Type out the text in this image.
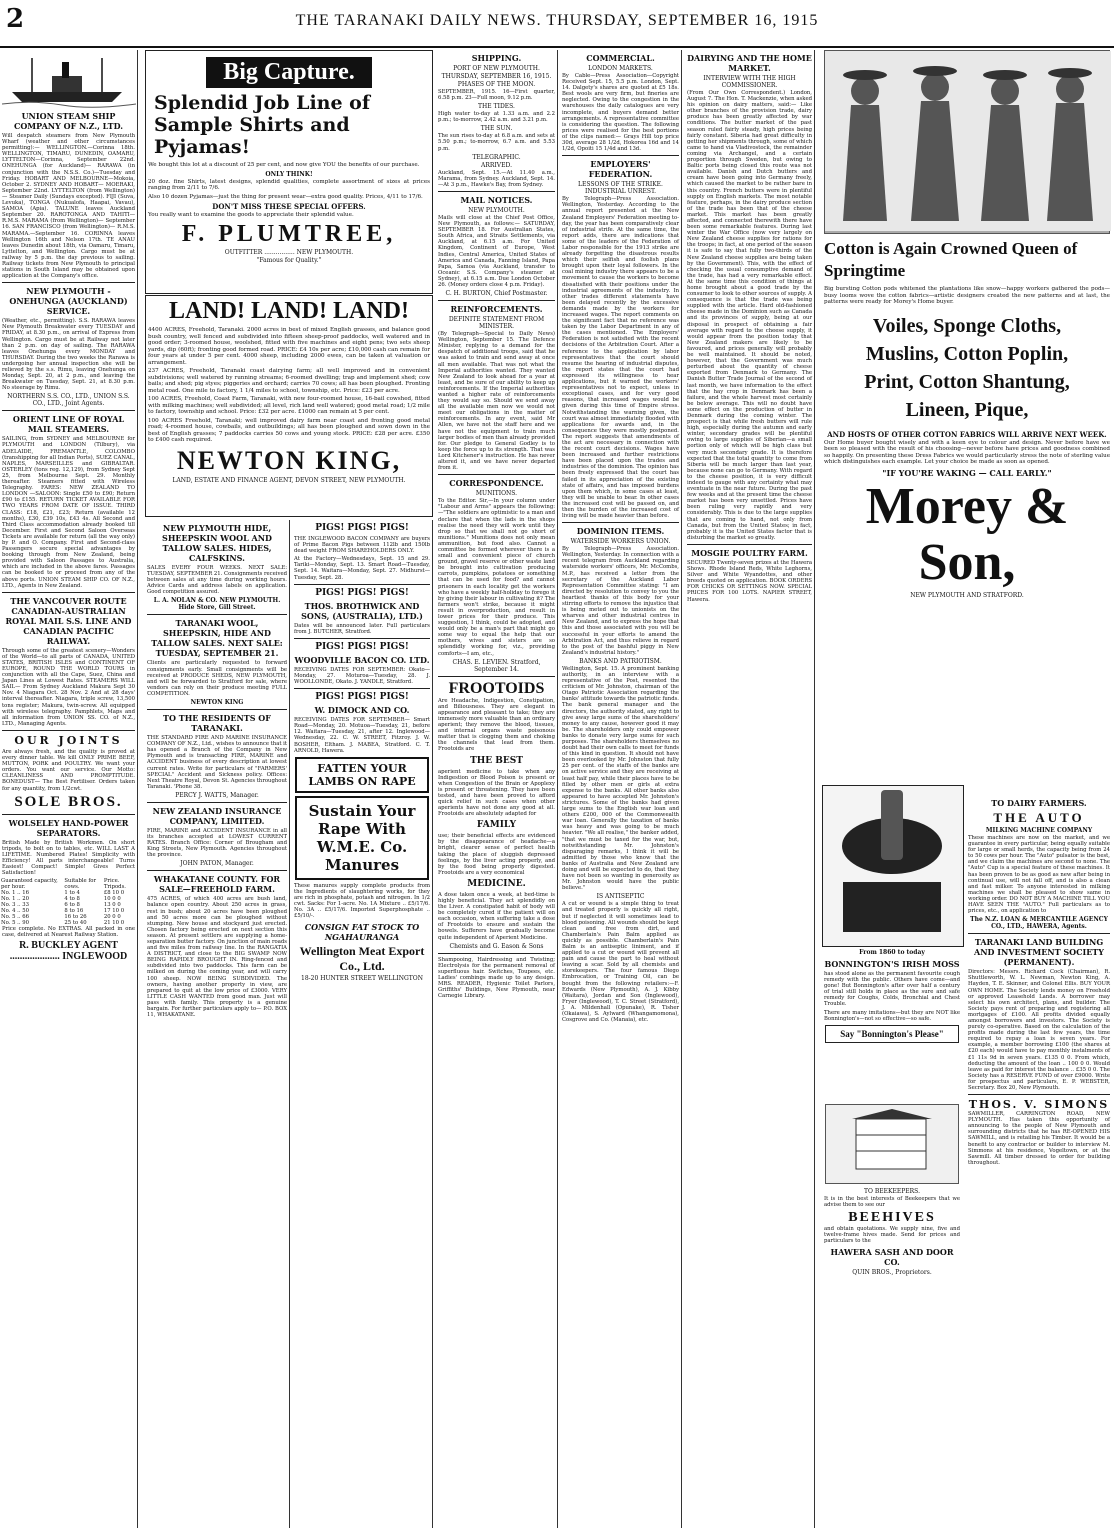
2	THE TARANAKI DAILY NEWS. THURSDAY, SEPTEMBER 16, 1915
UNION STEAM SHIP COMPANY OF N.Z., LTD.
Will despatch steamers from New Plymouth Wharf (weather and other circumstances permitting):— WELLINGTON.—Corinna 18th. WELLINGTON, TIMARU, DUNEDIN, OAMARU, LYTTELTON—Corinna, September 22nd. ONEHUNGA (for Auckland)— RARAWA (in conjunction with the N.S.S. Co.)—Tuesday and Friday. HOBART AND MELBOURNE—Mokoia, October 2. SYDNEY AND HOBART— MOERAKI, September 22nd. LYTTELTON (from Wellington)— Steamer Daily (Sundays excepted). FIJI (Suva, Levuka), TONGA (Nukualofa, Haapai, Vavau), SAMOA (Apia). TALUNE leaves Auckland September 20. RAROTONGA AND TAHITI— R.M.S. MARAMA (from Wellington)— September 16. SAN FRANCISCO (from Wellington)— R.M.S. MARAMA.—September 16. CORINNA leaves Wellington 16th and Nelson 17th. TE ANAU leaves Dunedin about 18th, via Oamaru, Timaru, Lyttelton, and Wellington. Cargo must be at railway by 5 p.m. the day previous to sailing. Railway tickets from New Plymouth to principal stations in South Island may be obtained upon application at the Company's office.
NEW PLYMOUTH - ONEHUNGA (AUCKLAND) SERVICE.
(Weather, etc., permitting). S.S. RARAWA leaves New Plymouth Breakwater every TUESDAY and FRIDAY, at 8.30 p.m., on arrival of Express from Wellington. Cargo must be at Railway not later than 2 p.m. on day of sailing. The RARAWA leaves Onehunga every MONDAY and THURSDAY. During the two weeks the Rarawa is undergoing her annual inspection she will be relieved by the s.s. Rimu, leaving Onehunga on Monday, Sept. 20, at 2 p.m., and leaving the Breakwater on Tuesday, Sept. 21, at 8.30 p.m. No steerage by Rimu.
NORTHERN S.S. CO., LTD., UNION S.S. CO., LTD., Joint Agents.
ORIENT LINE OF ROYAL MAIL STEAMERS.
SAILING, from SYDNEY and MELBOURNE for PLYMOUTH and LONDON (Tilbury), via ADELAIDE, FREMANTLE, COLOMBO (transhipping for all Indian Ports), SUEZ CANAL, NAPLES, MARSEILLES and GIBRALTAR. OSTERLEY (tons reg. 12,129), from Sydney Sept 25, from Melbourne Sept. 29. Monthly thereafter. Steamers fitted with Wireless Telegraphy. FARES: NEW ZEALAND TO LONDON —SALOON: Single £50 to £90; Return £90 to £155. RETURN TICKET AVAILABLE FOR TWO YEARS FROM DATE OF ISSUE. THIRD CLASS: £18, £21, £23; Return (available 12 months), £30, £39 10s, £43 4s. All Second and Third Class accommodation already booked till December. First and Second Saloon Overseas Tickets are available for return (all the way only) by P. and O. Company. First and Second-class Passengers secure special advantages by booking through from New Zealand, being provided with Saloon Passages to Australia, which are included in the above fares. Passages can be booked to or proceed from any of the above ports. UNION STEAM SHIP CO. OF N.Z., LTD., Agents in New Zealand.
THE VANCOUVER ROUTE CANADIAN-AUSTRALIAN ROYAL MAIL S.S. LINE AND CANADIAN PACIFIC RAILWAY.
Through some of the greatest scenery—Wonders of the World—to all parts of CANADA, UNITED STATES, BRITISH ISLES and CONTINENT OF EUROPE, ROUND THE WORLD TOURS in conjunction with all the Cape, Suez, China and Japan Lines at Lowest Rates. STEAMERS WILL SAIL— From Sydney Auckland Makura Sept 30 Nov. 4 Niagara Oct. 28 Nov. 2 And at 28 days' interval thereafter. Niagara, triple screw, 13,500 tons register; Makura, twin-screw. All equipped with wireless telegraphy. Pamphlets, Maps and all information from UNION SS. CO. of N.Z., LTD., Managing Agents.
OUR JOINTS
Are always fresh, and the quality is proved at every dinner table. We kill ONLY PRIME BEEF, MUTTON, PORK and POULTRY. We want your orders. You want our service. Our Motto: CLEANLINESS AND PROMPTITUDE. BONEDUST— The Best Fertiliser. Orders taken for any quantity, from 1/2cwt.
SOLE BROS.
WOLSELEY HAND-POWER SEPARATORS.
British Made by British Workmen. On short tripods, to bolt on to tables, etc. WILL LAST A LIFETIME. Numbered Plates! Simplicity with Efficiency! All parts interchangeable! Turns Easiest! Compact! Simple! Gives Perfect Satisfaction!
Guaranteed capacity, per hour.	Suitable for cows.	Price. Tripods.
No. 1 .. 16	1 to 4	£8 10 0
No. 1 .. 20	4 to 8	10 0 0
No. 3 .. 33	6 to 8	13 0 0
No. 4 .. 50	8 to 16	17 10 0
No. 5 .. 66	16 to 26	20 0 0
No. 5 .. 90	25 to 40	21 10 0
Price complete. No EXTRAS. All packed in one case, delivered at Nearest Railway Station.
R. BUCKLEY AGENT .................... INGLEWOOD
Big Capture.
Splendid Job Line of Sample Shirts and Pyjamas!
We bought this lot at a discount of 25 per cent, and now give YOU the benefits of our purchase.
ONLY THINK!
20 doz. fine Shirts, latest designs, splendid qualities, complete assortment of sizes at prices ranging from 2/11 to 7/6.
Also 10 dozen Pyjamas—just the thing for present wear—extra good quality. Prices, 4/11 to 17/6.
DON'T MISS THESE SPECIAL OFFERS.
You really want to examine the goods to appreciate their splendid value.
F. PLUMTREE,
OUTFITTER ................ NEW PLYMOUTH.
"Famous for Quality."
LAND! LAND! LAND!
4400 ACRES, Freehold, Taranaki. 2000 acres in best of mixed English grasses, and balance good bush country, well fenced and subdivided into fifteen sheep-proof paddocks, well watered and in good order; 3-roomed house, woolshed, fitted with five machines and eight pens; two sets sheep yards, dip (60ft); fronting good formed road. PRICE: £4 10s per acre; £10,000 cash can remain for four years at under 5 per cent. 4000 sheep, including 2000 ewes, can be taken at valuation or arrangement.
237 ACRES, Freehold, Taranaki coast dairying farm; all well improved and in convenient subdivisions; well watered by running streams; 6-roomed dwelling; trap and implement shed; cow bails; and shed; pig styes; piggeries and orchard; carries 70 cows; all has been ploughed. Fronting metal road. One mile to factory, 1 1/4 miles to school, township, etc. Price: £23 per acre.
100 ACRES, Freehold, Coast Farm, Taranaki, with new four-roomed house, 16-bail cowshed, fitted with milking machines; well subdivided; all level, rich land well watered; good metal road; 1/2 mile to factory, township and school. Price: £32 per acre. £1000 can remain at 5 per cent.
100 ACRES Freehold, Taranaki; well improved dairy farm near coast and fronting good metal road; 4-roomed house, cowbails, and outbuildings; all has been ploughed and sown down in the best of English grasses; 7 paddocks carries 50 cows and young stock. PRICE: £28 per acre. £350 to £400 cash required.
NEWTON KING,
LAND, ESTATE AND FINANCE AGENT, DEVON STREET, NEW PLYMOUTH.
NEW PLYMOUTH HIDE, SHEEPSKIN WOOL AND TALLOW SALES. HIDES, CALFSKINS.
SALES EVERY FOUR WEEKS. NEXT SALE: TUESDAY, SEPTEMBER 21. Consignments received between sales at any time during working hours. Advice Cards and address labels on application. Good competition assured.
L. A. NOLAN & CO. NEW PLYMOUTH. Hide Store, Gill Street.
TARANAKI WOOL, SHEEPSKIN, HIDE AND TALLOW SALES. NEXT SALE: TUESDAY, SEPTEMBER 21.
Clients are particularly requested to forward consignments early. Small consignments will be received at PRODUCE SHEDS, NEW PLYMOUTH, and will be forwarded to Stratford for sale, where vendors can rely on their produce meeting FULL COMPETITION.
NEWTON KING
TO THE RESIDENTS OF TARANAKI.
THE STANDARD FIRE AND MARINE INSURANCE COMPANY OF N.Z., Ltd., wishes to announce that it has opened a Branch of the Company in New Plymouth and is transacting FIRE, MARINE and ACCIDENT business of every description at lowest current rates. Write for particulars of "FARMERS' SPECIAL" Accident and Sickness policy. Offices: Next Theatre Royal, Devon St. Agencies throughout Taranaki. 'Phone 38.
PERCY J. WATTS, Manager.
NEW ZEALAND INSURANCE COMPANY, LIMITED.
FIRE, MARINE and ACCIDENT INSURANCE in all its branches accepted at LOWEST CURRENT RATES. Branch Office: Corner of Brougham and King Streets, New Plymouth. Agencies throughout the province.
JOHN PATON, Manager.
WHAKATANE COUNTY. FOR SALE—FREEHOLD FARM.
475 ACRES, of which 400 acres are bush land, balance open country. About 250 acres in grass, rest in bush; about 20 acres have been ploughed and 50 acres more can be ploughed without stumping. New house and stockyard just erected. Chosen factory being erected on next section this season. At present settlers are supplying a home-separation butter factory. On junction of main roads and five miles from railway line. In the RANGATIA A DISTRICT, and close to the BIG SWAMP NOW BEING RAPIDLY BROUGHT IN. Ring-fenced and subdivided into two paddocks. This farm can be milked on during the coming year, and will carry 100 sheep. NOW BEING SUBDIVIDED. The owners, having another property in view, are prepared to quit at the low price of £3000. VERY LITTLE CASH WANTED from good man. Just will pass with family. This property is a genuine bargain. For further particulars apply to— P.O. BOX 11, WHAKATANE.
PIGS! PIGS! PIGS!
THE INGLEWOOD BACON COMPANY are buyers of Prime Bacon Pigs between 112lb and 150lb dead weight FROM SHAREHOLDERS ONLY.
At the Factory—Wednesdays, Sept. 15 and 29. Tariki—Monday, Sept. 13. Smart Road—Tuesday, Sept. 14. Waitara—Monday, Sept. 27. Midhurst—Tuesday, Sept. 28.
PIGS! PIGS! PIGS!
THOS. BROTHWICK AND SONS, (AUSTRALIA), LTD.)
Dates will be announced later. Full particulars from J. BUTCHER, Stratford.
PIGS! PIGS! PIGS!
WOODVILLE BACON CO. LTD.
RECEIVING DATES FOR SEPTEMBER: Okato—Monday, 27. Moturoa—Tuesday, 28. J. WOOLLONDE, Okato. J. YANDLE, Stratford.
PIGS! PIGS! PIGS!
W. DIMOCK AND CO.
RECEIVING DATES FOR SEPTEMBER— Smart Road—Monday, 20. Motuoa—Tuesday, 21, before 12. Waitara—Tuesday, 21, after 12. Inglewood—Wednesday, 22. C. W. STREET, Fitzroy. J. W. BOSHER, Eltham. J. MABEA, Stratford. C. T. ARNOLD, Hawera.
FATTEN YOUR LAMBS ON RAPE
Sustain Your Rape With W.M.E. Co. Manures
These manures supply complete products from the Ingredients of slaughtering works, for they are rich in phosphate, potash and nitrogen. In 1/2 cwt. Sacks: For 1-acre. No. 1A Mixture .. £5/17/6. No. 3A .. £5/17/6. Imported Superphosphate .. £5/10/-.
CONSIGN FAT STOCK TO NGAHAURANGA
Wellington Meat Export Co., Ltd.
18-20 HUNTER STREET WELLINGTON
SHIPPING.
PORT OF NEW PLYMOUTH.
THURSDAY, SEPTEMBER 16, 1915.
PHASES OF THE MOON.
SEPTEMBER, 1915. 16—First quarter, 6.58 p.m. 23—Full moon, 9.12 p.m.
THE TIDES.
High water to-day at 1.33 a.m. and 2.2 p.m.; to-morrow, 2.42 a.m. and 3.21 p.m.
THE SUN.
The sun rises to-day at 6.8 a.m. and sets at 5.50 p.m.; to-morrow, 6.7 a.m. and 5.53 p.m.
TELEGRAPHIC.
ARRIVED.
Auckland, Sept. 15.—At 11.40 a.m., Marama, from Sydney. Auckland, Sept. 14.—At 3 p.m., Hawke's Bay, from Sydney.
MAIL NOTICES.
NEW PLYMOUTH.
Mails will close at the Chief Post Office, New Plymouth, as follows:— SATURDAY, SEPTEMBER 18. For Australian States, South Africa, and Straits Settlements, via Auckland, at 6.15 a.m. For United Kingdom, Continent of Europe, West Indies, Central America, United States of America and Canada, Fanning Island, Papa Papa, Samoa (via Auckland, transfer to Oceanic S.S. Company's steamer at Sydney), at 6.15 a.m. Due London October 26. (Money orders close 4 p.m. Friday).
C. H. BURTON, Chief Postmaster.
REINFORCEMENTS.
DEFINITE STATEMENT FROM MINISTER.
(By Telegraph—Special to Daily News) Wellington, September 15. The Defence Minister, replying to a demand for the despatch of additional troops, said that he was asked to train and send away at once all men available. That was not what the Imperial authorities wanted. They wanted New Zealand to look ahead for a year at least, and be sure of our ability to keep up reinforcements. If the Imperial authorities wanted a higher rate of reinforcements they would say so. Should we send away all the available men now we would not meet our obligations in the matter of reinforcements. In any event, said Mr Allen, we have not the staff here and we have not the equipment to train much larger bodies of men than already provided for. Our pledge to General Godley is to keep the force up to its strength. That was Lord Kitchener's instruction. He has never altered it, and we have never departed from it.
CORRESPONDENCE.
MUNITIONS.
To the Editor. Sir,—In your column under "Labour and Arms" appears the following:—"The soldiers are optimistic to a man and declare that when the lads in the shops realise the need they will work until they drop so that we shall not go short of munitions." Munitions does not only mean ammunition, but food also. Cannot a committee be formed wherever there is a small and convenient piece of church ground, gravel reserve or other waste land be brought into cultivation producing carrots, pumpkins, potatoes or something that can be used for food? and cannot prisoners in each locality get the workers who have a weekly half-holiday to forego it by giving their labour in cultivating it? The farmers won't strike, because it might result in overproduction, and result in lower prices for their produce. This suggestion, I think, could be adopted, and would only be a man's part that might go some way to equal the help that our mothers, wives and sisters are so splendidly working for, viz., providing comforts—I am, etc.,
CHAS. E. LEVIEN. Stratford, September 14.
FROOTOIDS
Are Headache, Indigestion, Constipation, and Biliousness. They are elegant in appearance and pleasant to take; they are immensely more valuable than an ordinary aperient; they remove the blood, tissues, and internal organs waste poisonous matter that is clogging them and choking the channels that lead from them. Frootoids are
THE BEST
aperient medicine to take when any Indigestion or Blood Poison is present or when Congestion of the Brain or Apoplexy is present or threatening. They have been tested, and have been proved to afford quick relief in such cases when other aperients have not done any good at all. Frootoids are absolutely adapted for
FAMILY
use; their beneficial effects are evidenced by the disappearance of headache—a bright, clearer sense of perfect health taking the place of sluggish depressed feelings, by the liver acting properly, and by the food being properly digested. Frootoids are a very economical
MEDICINE.
A dose taken once a week, at bed-time is highly beneficial. They act splendidly on the Liver. A constipated habit of body will be completely cured if the patient will on each occasion, when suffering take a dose of Frootoids to ensure and sustain the bowels. Sufferers have gradually become quite independent of Aperient Medicine.
Chemists and G. Eason & Sons
Shampooing, Hairdressing and Twisting; Electrolysis for the permanent removal of superfluous hair. Switches, Toupees, etc. Ladies' combings made up to any design. MRS. READER, Hygienic Toilet Parlors, Griffiths' Buildings, New Plymouth, near Carnegie Library.
COMMERCIAL.
LONDON MARKETS.
By Cable—Press Association—Copyright Received Sept. 15, 5.5 p.m. London, Sept. 14. Dalgety's shares are quoted at £5 18s. Best wools are very firm, but fineries are neglected. Owing to the congestion in the warehouses the daily catalogues are very incomplete, and buyers demand better arrangements. A representative committee is considering the question. The following prices were realised for the best portions of the clips named:— Grays Hill top price 30d, average 28 1/2d, Hokorea 16d and 14 1/2d, Opoiti 15 1/4d and 13d.
EMPLOYERS' FEDERATION.
LESSONS OF THE STRIKE. INDUSTRIAL UNREST.
By Telegraph—Press Association. Wellington, Yesterday. According to the annual report presented at the New Zealand Employers' Federation meeting to-day, the year has been comparatively clear of industrial strife. At the same time, the report adds, there are indications that some of the leaders of the Federation of Labor responsible for the 1913 strike are already forgetting the disastrous results which their selfish and foolish plans brought upon their loyal followers. In the coal mining industry there appears to be a movement to cause the workers to become dissatisfied with their positions under the industrial agreements of the industry. In other trades different statements have been delayed recently by the excessive demands made by the workers for increased wages. The report comments on the significant fact that no reference was taken by the Labor Department in any of the cases mentioned. The Employers' Federation is not satisfied with the recent decisions of the Arbitration Court. After a reference to the application by labor representatives that the court should resume the hearing of industrial disputes, the report states that the court had expressed its willingness to hear applications, but it warned the workers' representatives not to expect, unless in exceptional cases, and for very good reasons, that increased wages would be given during this time of Empire stress. Notwithstanding the warning given, the court was almost immediately flooded with applications for awards and, in the consequence they were mostly postponed. The report suggests that amendments of the act are necessary in connection with the recent court decisions. Wages have been increased and further restrictions have been placed upon the trades and industries of the dominion. The opinion has been freely expressed that the court has failed in its appreciation of the existing state of affairs, and has imposed burdens upon them which, in some cases at least, they will be unable to bear. In other cases the increased cost will be passed on, and then the burden of the increased cost of living will be made heavier than before.
DOMINION ITEMS.
WATERSIDE WORKERS UNION.
By Telegraph—Press Association. Wellington, Yesterday. In connection with a recent telegram from Auckland regarding waterside workers' officers, Mr. McCombs, M.P., has received a letter from the secretary of the Auckland Labor Representation Committee stating: "I am directed by resolution to convey to you the heartiest thanks of this body for your stirring efforts to remove the injustice that is being meted out to unionists on the wharves and other industrial centres in New Zealand, and to express the hope that this and those associated with you will be successful in your efforts to amend the Arbitration Act, and thus relieve in regard to the post of the bashful piggy in New Zealand's industrial history."
BANKS AND PATRIOTISM.
Wellington, Sept. 15. A prominent banking authority, in an interview with a representative of the Post, resented the criticism of Mr. Johnston, chairman of the Otago Patriotic Association regarding the banks' attitude towards the patriotic funds. The bank general manager and the directors, the authority stated, any right to give away large sums of the shareholders' money to any cause, however good it may be. The shareholders only could empower banks to donate very large sums for such purposes. The shareholders themselves no doubt had their own calls to meet for funds of this kind in question. It should not have been overlooked by Mr. Johnston that fully 25 per cent. of the staffs of the banks are on active service and they are receiving at least half pay, while their places have to be filled by other men or girls at extra expense to the banks. All other banks also appeared to have accepted Mr. Johnston's strictures. Some of the banks had given large sums to the English war loan and others £200, 000 of the Commonwealth war loan. Generally the taxation of banks was heavy and was going to be much heavier. "We all realise," the banker added, "that we must be taxed for the war, but, notwithstanding Mr. Johnston's disparaging remarks, I think it will be admitted by those who know that the banks of Australia and New Zealand are doing and will be expected to do, that they have not been so wanting in generosity as Mr. Johnston would have the public believe."
IS ANTISEPTIC
A cut or wound is a simple thing to treat and treated properly is quickly all right, but if neglected it will sometimes lead to blood poisoning. All wounds should be kept clean and free from dirt, and Chamberlain's Pain Balm applied as quickly as possible. Chamberlain's Pain Balm is an antiseptic liniment, and if applied to a cut or wound will prevent all pain and cause the part to heal without leaving a scar. Sold by all chemists and storekeepers. The four famous Diego Embrocation, or Training Oil, can be bought from the following retailers:—F. Edwards (New Plymouth), A. J. Kibby (Waitara), Jordan and Son (Inglewood), Fryer (Inglewood), T. C. Street (Stratford), J. A. Mildenhall (Opunake), R. Tisher (Okaiawa), S. Aylward (Whangamomona), Cosgrove and Co. (Manaia), etc.
DAIRYING AND THE HOME MARKET.
INTERVIEW WITH THE HIGH COMMISSIONER.
(From Our Own Correspondent.) London, August 7. The Hon. T. Mackenzie, when asked his opinion on dairy matters, said:— Like other branches of the provision trade, dairy produce has been greatly affected by war conditions. The butter market of the past season ruled fairly steady, high prices being fairly constant. Siberia had great difficulty in getting her shipments through, some of which came to hand via Vladivostock, the remainder coming via Archangel, and a certain proportion through Sweden, but owing to Baltic ports being closed this route was not available. Danish and Dutch butters and cream have been going into Germany freely, which caused the market to be rather bare in this country. French butters were in plentiful supply on English markets. The most notable feature, perhaps, in the dairy produce section of the trade has been that of the cheese market. This market has been greatly affected, and connected therewith there have been some remarkable features. During last winter the War Office (now very largely on New Zealand cheese supplies for rations for the troops; in fact, at one period of the season it is safe to say that fully two-thirds of the New Zealand cheese supplies are being taken by the Government). This, with the effect of checking the usual consumptive demand of the trade, has had a very remarkable effect. At the same time this condition of things at home brought about a good trade by the consumer to look to other sources of supply. A consequence is that the trade was being supplied with the article. Hard old-fashioned cheese made in the Dominion such as Canada and its provinces of supply, being at our disposal in prospect of obtaining a fair average with regard to the cheese supply, it would appear from the position today that New Zealand makers are likely to be favoured, and prices generally will probably be well maintained. It should be noted, however, that the Government was much perturbed about the quantity of cheese exported from Denmark to Germany. The Danish Butter Trade Journal of the second of last month, we have information to the effect that the hay crop in Denmark has been a failure, and the whole harvest most certainly be below average. This will no doubt have some effect on the production of butter in Denmark during the coming winter. The prospect is that while fresh butters will rule high, especially during the autumn and early winter, secondary grades will be plentiful owing to large supplies of Siberian—a small portion only of which will be high class but very much secondary grade. It is therefore expected that the total quantity to come from Siberia will be much larger than last year, because none can go to Germany. With regard to the cheese position, it is very difficult indeed to gauge with any certainty what may eventuate in the near future. During the past few weeks and at the present time the cheese market has been very unsettled. Prices have been ruling very rapidly and very considerably. This is due to the large supplies that are coming to hand, not only from Canada, but from the United States; in fact, probably it is the United States factor that is disturbing the market so greatly.
MOSGIE POULTRY FARM.
SECURED Twenty-seven prizes at the Hawera Shows. Rhode Island Reds, White Leghorns, Silver and White Wyandottes, and other breeds quoted on application. BOOK ORDERS FOR CHICKS OR SETTINGS NOW. SPECIAL PRICES FOR 100 LOTS. NAPIER STREET, Hawera.
Cotton is Again Crowned Queen of Springtime
Big bursting Cotton pods whitened the plantations like snow—happy workers gathered the pods—busy looms wove the cotton fabrics—artistic designers created the new patterns and at last, the patterns were ready for Morey's Home buyer.
Voiles, Sponge Cloths,
Muslins, Cotton Poplin,
Print, Cotton Shantung,
Lineen, Pique,
AND HOSTS OF OTHER COTTON FABRICS WILL ARRIVE NEXT WEEK.
Our Home buyer bought wisely and with a keen eye to colour and design. Never before have we been so pleased with the result of his choosing—never before have prices and goodness combined so happily. On presenting these Dress Fabrics we would particularly stress the note of sterling value which distinguishes each example. Let your choice be made as soon as opened.
"IF YOU'RE WAKING — CALL EARLY."
Morey & Son,
NEW PLYMOUTH AND STRATFORD.
From 1860 to today
BONNINGTON'S IRISH MOSS
has stood alone as the permanent favourite cough remedy with the public. Others have come—and gone! But Bonnington's after over half a century of trial still holds in place as the sure and safe remedy for Coughs, Colds, Bronchial and Chest Trouble.
There are many imitations—but they are NOT like Bonnington's—not so effective—so safe.
Say "Bonnington's Please"
TO BEEKEEPERS.
It is in the best interests of Beekeepers that we advise them to see our
BEEHIVES
and obtain quotations. We supply nine, five and twelve-frame hives made. Send for prices and particulars to the
HAWERA SASH AND DOOR CO.
QUIN BROS., Proprietors.
TO DAIRY FARMERS.
THE AUTO
MILKING MACHINE COMPANY
These machines are now on the market, and we guarantee in every particular, being equally suitable for large or small herds, the capacity being from 24 to 50 cows per hour. The "Auto" pulsator is the best, and we claim the machines are second to none. The "Auto" Cup is a special feature of these machines. It has been proven to be as good as new after being in continual use, will not fall off, and is also a clean and fast milker. To anyone interested in milking machines we shall be pleased to show same in working order. DO NOT BUY A MACHINE TILL YOU HAVE SEEN THE "AUTO." Full particulars as to prices, etc., on application to
The N.Z. LOAN & MERCANTILE AGENCY CO., LTD., HAWERA, Agents.
TARANAKI LAND BUILDING AND INVESTMENT SOCIETY (PERMANENT).
Directors: Messrs. Richard Cock (Chairman), R. Shuttleworth, W. L. Newman, Newton King, A. Hayden, T. E. Skinner, and Colonel Ellis. BUY YOUR OWN HOME. The Society lends money on Freehold or approved Leasehold Lands. A borrower may select his own architect, plans, and builder. The Society pays rent of preparing and registering all mortgages of £100. All profits divided equally amongst borrowers and investors. The Society is purely co-operative. Based on the calculation of the profits made during the last few years, the time required to repay a loan is seven years. For example, a member borrowing £100 (the shares at £20 each) would have to pay monthly instalments of £1 11s 9d in seven years. £135 0 0. From which, deducting the amount of the loan .. 100 0 0. Would leave as paid for interest the balance .. £35 0 0. The Society has a RESERVE FUND of over £9000. Write for prospectus and particulars, E. P. WEBSTER, Secretary. Box 20, New Plymouth.
THOS. V. SIMONS
SAWMILLER, CARRINGTON ROAD, NEW PLYMOUTH. Has taken this opportunity of announcing to the people of New Plymouth and surrounding districts that he has RE-OPENED HIS SAWMILL, and is retailing his Timber. It would be a benefit to any contractor or builder to interview M. Simmons at his residence, Vogeltown, or at the Sawmill. All timber dressed to order for building throughout.
